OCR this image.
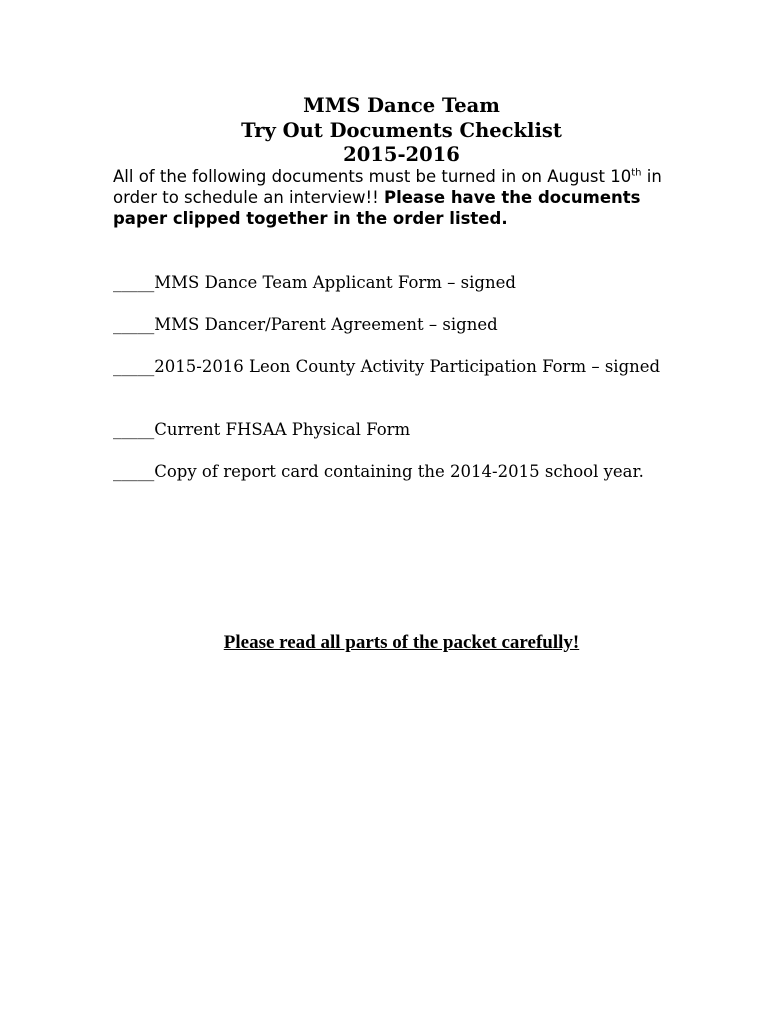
MMS Dance Team
Try Out Documents Checklist
2015-2016
All of the following documents must be turned in on August 10th in order to schedule an interview!! Please have the documents paper clipped together in the order listed.
_____MMS Dance Team Applicant Form – signed
_____MMS Dancer/Parent Agreement – signed
_____2015-2016 Leon County Activity Participation Form – signed
_____Current FHSAA Physical Form
_____Copy of report card containing the 2014-2015 school year.
Please read all parts of the packet carefully!
